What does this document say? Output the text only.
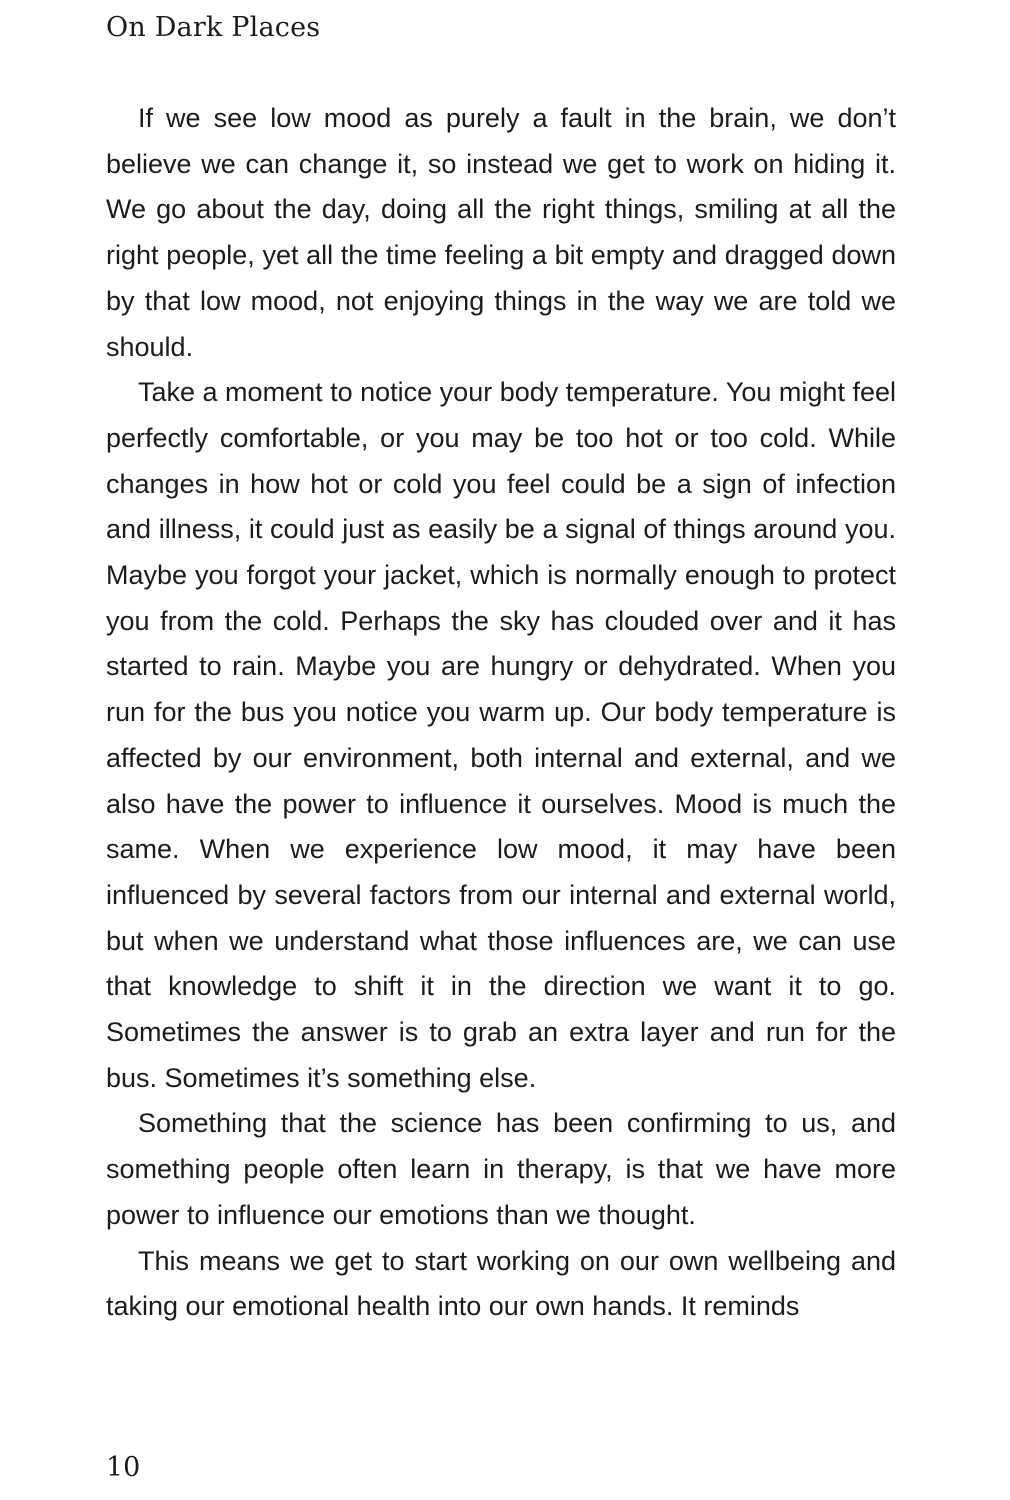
On Dark Places

If we see low mood as purely a fault in the brain, we don’t believe we can change it, so instead we get to work on hiding it. We go about the day, doing all the right things, smiling at all the right people, yet all the time feeling a bit empty and dragged down by that low mood, not enjoying things in the way we are told we should.

Take a moment to notice your body temperature. You might feel perfectly comfortable, or you may be too hot or too cold. While changes in how hot or cold you feel could be a sign of infection and illness, it could just as easily be a signal of things around you. Maybe you forgot your jacket, which is normally enough to protect you from the cold. Perhaps the sky has clouded over and it has started to rain. Maybe you are hungry or dehydrated. When you run for the bus you notice you warm up. Our body temperature is affected by our environment, both internal and external, and we also have the power to influence it ourselves. Mood is much the same. When we experience low mood, it may have been influenced by several factors from our internal and external world, but when we understand what those influences are, we can use that knowledge to shift it in the direction we want it to go. Sometimes the answer is to grab an extra layer and run for the bus. Sometimes it’s something else.

Something that the science has been confirming to us, and something people often learn in therapy, is that we have more power to influence our emotions than we thought.

This means we get to start working on our own wellbeing and taking our emotional health into our own hands. It reminds

10
